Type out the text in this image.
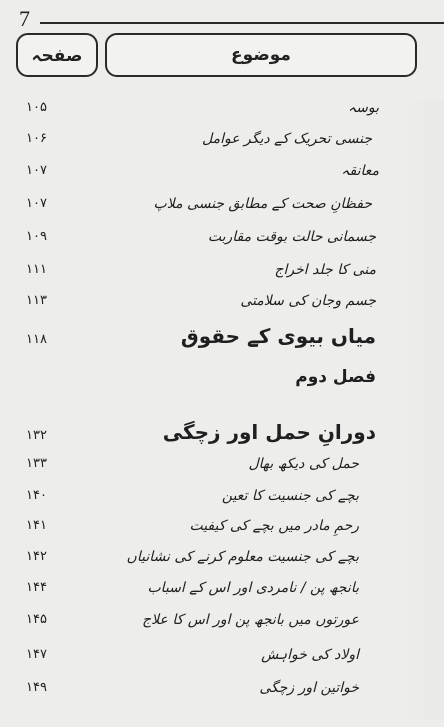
7
صفحہ	موضوع
بوسہ
۱۰۵
جنسی تحریک کے دیگر عوامل
۱۰۶
معانقہ
۱۰۷
حفظانِ صحت کے مطابق جنسی ملاپ
۱۰۷
جسمانی حالت بوقت مقاربت
۱۰۹
منی کا جلد اخراج
۱۱۱
جسم وجان کی سلامتی
۱۱۳
میاں بیوی کے حقوق
۱۱۸
فصل دوم
دورانِ حمل اور زچگی
۱۳۲
حمل کی دیکھ بھال
۱۳۳
بچے کی جنسیت کا تعین
۱۴۰
رحمِ مادر میں بچے کی کیفیت
۱۴۱
بچے کی جنسیت معلوم کرنے کی نشانیاں
۱۴۲
بانجھ پن / نامردی اور اس کے اسباب
۱۴۴
عورتوں میں بانجھ پن اور اس کا علاج
۱۴۵
اولاد کی خواہش
۱۴۷
خواتین اور زچگی
۱۴۹
